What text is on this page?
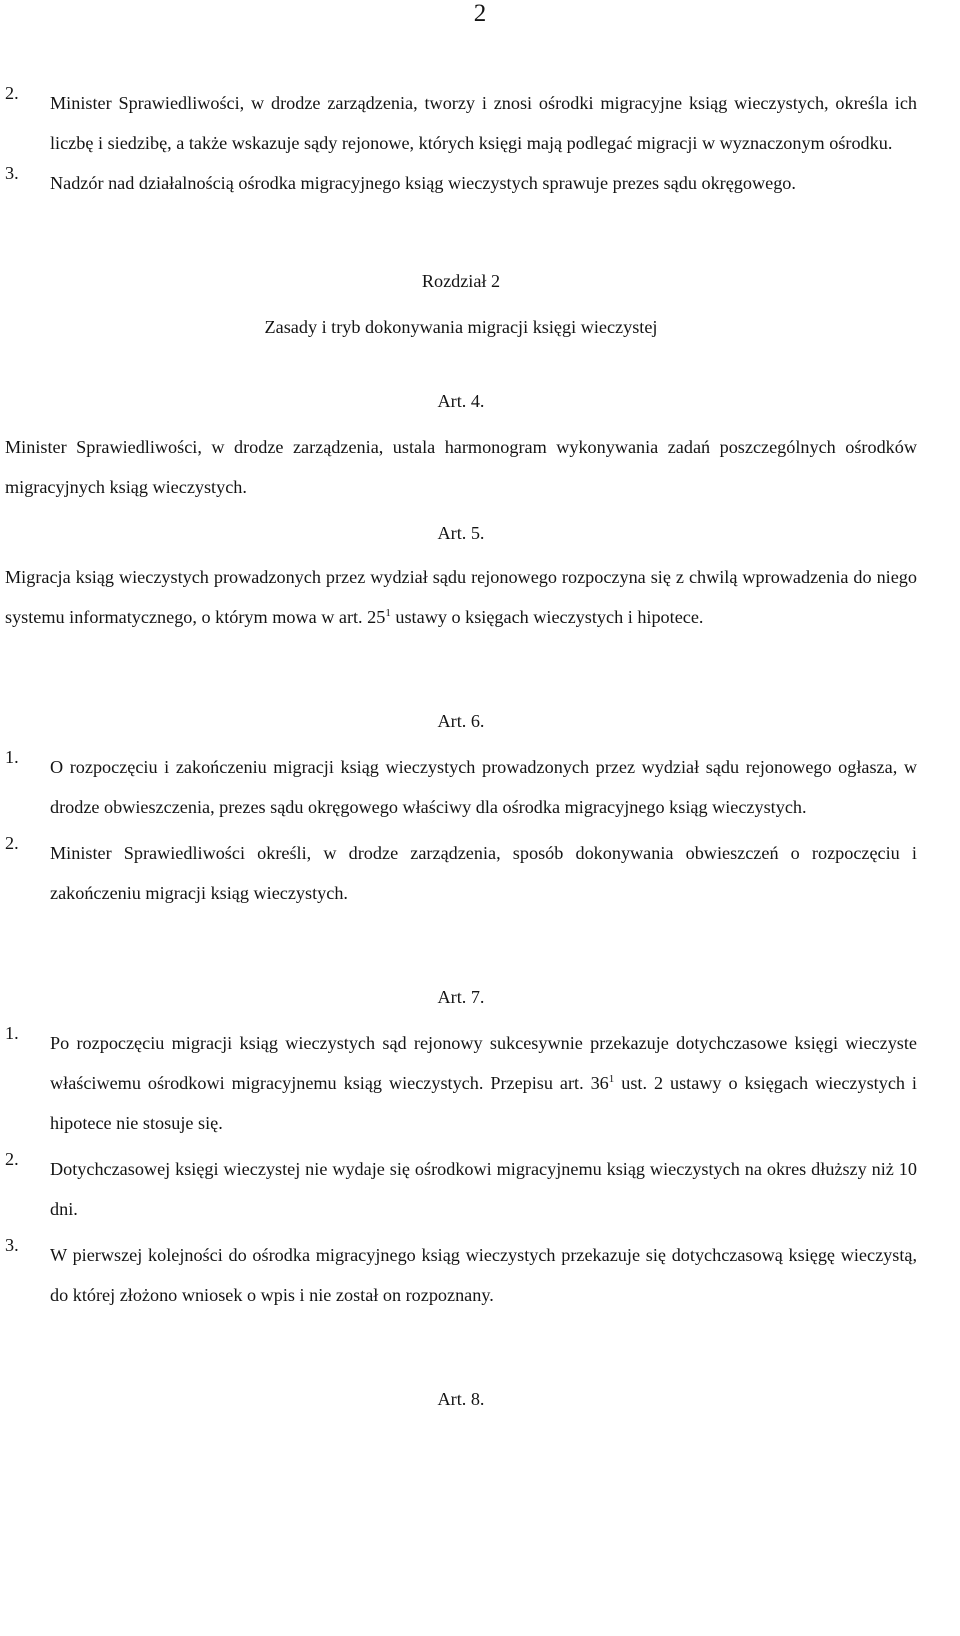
2
2.	Minister Sprawiedliwości, w drodze zarządzenia, tworzy i znosi ośrodki migracyjne ksiąg wieczystych, określa ich liczbę i siedzibę, a także wskazuje sądy rejonowe, których księgi mają podlegać migracji w wyznaczonym ośrodku.
3.	Nadzór nad działalnością ośrodka migracyjnego ksiąg wieczystych sprawuje prezes sądu okręgowego.
Rozdział 2
Zasady i tryb dokonywania migracji księgi wieczystej
Art. 4.
Minister Sprawiedliwości, w drodze zarządzenia, ustala harmonogram wykonywania zadań poszczególnych ośrodków migracyjnych ksiąg wieczystych.
Art. 5.
Migracja ksiąg wieczystych prowadzonych przez wydział sądu rejonowego rozpoczyna się z chwilą wprowadzenia do niego systemu informatycznego, o którym mowa w art. $25^1$ ustawy o księgach wieczystych i hipotece.
Art. 6.
1.	O rozpoczęciu i zakończeniu migracji ksiąg wieczystych prowadzonych przez wydział sądu rejonowego ogłasza, w drodze obwieszczenia, prezes sądu okręgowego właściwy dla ośrodka migracyjnego ksiąg wieczystych.
2.	Minister Sprawiedliwości określi, w drodze zarządzenia, sposób dokonywania obwieszczeń o rozpoczęciu i zakończeniu migracji ksiąg wieczystych.
Art. 7.
1.	Po rozpoczęciu migracji ksiąg wieczystych sąd rejonowy sukcesywnie przekazuje dotychczasowe księgi wieczyste właściwemu ośrodkowi migracyjnemu ksiąg wieczystych. Przepisu art. $36^1$ ust. 2 ustawy o księgach wieczystych i hipotece nie stosuje się.
2.	Dotychczasowej księgi wieczystej nie wydaje się ośrodkowi migracyjnemu ksiąg wieczystych na okres dłuższy niż 10 dni.
3.	W pierwszej kolejności do ośrodka migracyjnego ksiąg wieczystych przekazuje się dotychczasową księgę wieczystą, do której złożono wniosek o wpis i nie został on rozpoznany.
Art. 8.
